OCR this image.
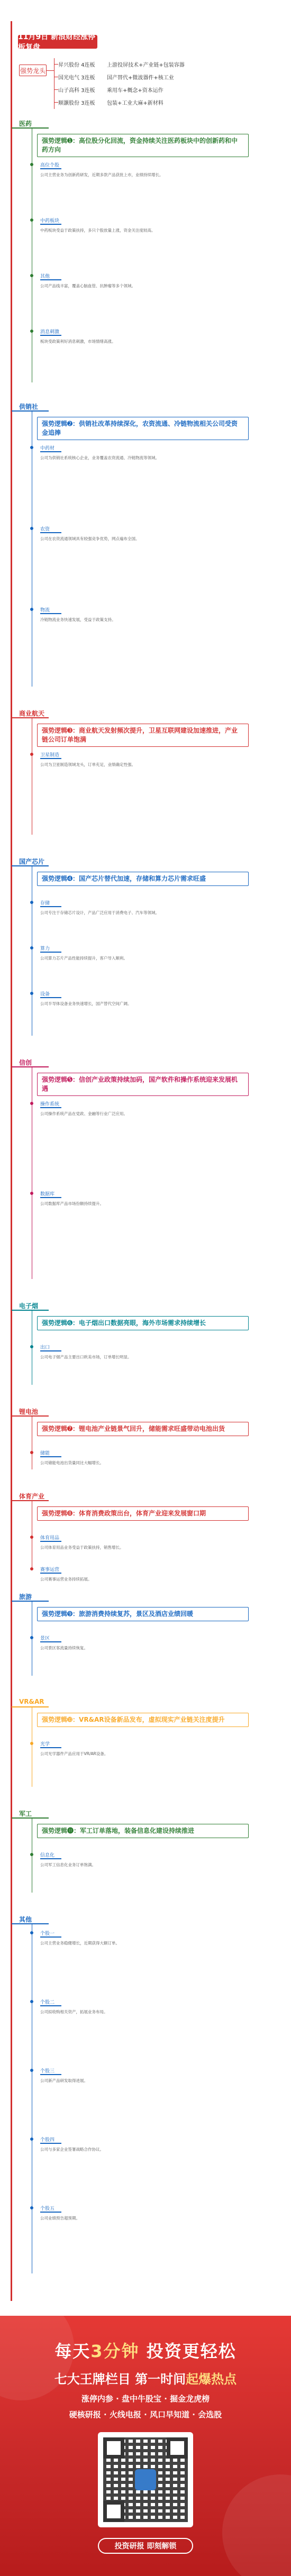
11月9日 新浪财经涨停板复盘
强势龙头
昇兴股份 4连板	上游投屏技术+产业链+包装容器
国光电气 3连板	国产替代+微波器件+核工业
山子高科 3连板	乘用车+概念+资本运作
顺灏股份 3连板	包装+工业大麻+新材料
医药
强势逻辑➊：高位股分化回流，资金持续关注医药板块中的创新药和中药方向
高位个股
公司主营业务为创新药研发，近期多款产品获批上市，业绩持续增长。
中药板块
中药板块受益于政策扶持，多只个股放量上涨，资金关注度较高。
其他
公司产品线丰富，覆盖心脑血管、抗肿瘤等多个领域。
消息刺激
板块受政策利好消息刺激，市场情绪高涨。
供销社
强势逻辑➋：供销社改革持续深化，农资流通、冷链物流相关公司受资金追捧
中药材
公司为供销社系统核心企业，业务覆盖农资流通、冷链物流等领域。
农资
公司在农资流通领域具有较强竞争优势，网点遍布全国。
物流
冷链物流业务快速发展，受益于政策支持。
商业航天
强势逻辑➌：商业航天发射频次提升，卫星互联网建设加速推进，产业链公司订单饱满
卫星制造
公司为卫星制造领域龙头，订单充足，业绩确定性强。
国产芯片
强势逻辑➍：国产芯片替代加速，存储和算力芯片需求旺盛
存储
公司专注于存储芯片设计，产品广泛应用于消费电子、汽车等领域。
算力
公司算力芯片产品性能持续提升，客户导入顺利。
设备
公司半导体设备业务快速增长，国产替代空间广阔。
信创
强势逻辑➎：信创产业政策持续加码，国产软件和操作系统迎来发展机遇
操作系统
公司操作系统产品在党政、金融等行业广泛应用。
数据库
公司数据库产品市场份额持续提升。
电子烟
强势逻辑➏：电子烟出口数据亮眼，海外市场需求持续增长
出口
公司电子烟产品主要出口欧美市场，订单增长明显。
锂电池
强势逻辑➐：锂电池产业链景气回升，储能需求旺盛带动电池出货
储能
公司储能电池出货量同比大幅增长。
体育产业
强势逻辑➑：体育消费政策出台，体育产业迎来发展窗口期
体育用品
公司体育用品业务受益于政策扶持，销售增长。
赛事运营
公司赛事运营业务持续拓展。
旅游
强势逻辑➒：旅游消费持续复苏，景区及酒店业绩回暖
景区
公司景区客流量持续恢复。
VR&AR
强势逻辑➓：VR&AR设备新品发布，虚拟现实产业链关注度提升
光学
公司光学器件产品应用于VR/AR设备。
军工
强势逻辑⓫：军工订单落地，装备信息化建设持续推进
信息化
公司军工信息化业务订单饱满。
其他
个股一
公司主营业务稳健增长，近期获得大额订单。
个股二
公司拟收购相关资产，拓展业务布局。
个股三
公司新产品研发取得进展。
个股四
公司与多家企业签署战略合作协议。
个股五
公司业绩预告超预期。
每天3分钟 投资更轻松
七大王牌栏目 第一时间起爆热点
涨停内参 · 盘中牛股宝 · 掘金龙虎榜
硬核研报 · 火线电报 · 风口早知道 · 会选股
投资研报 即刻解锁
